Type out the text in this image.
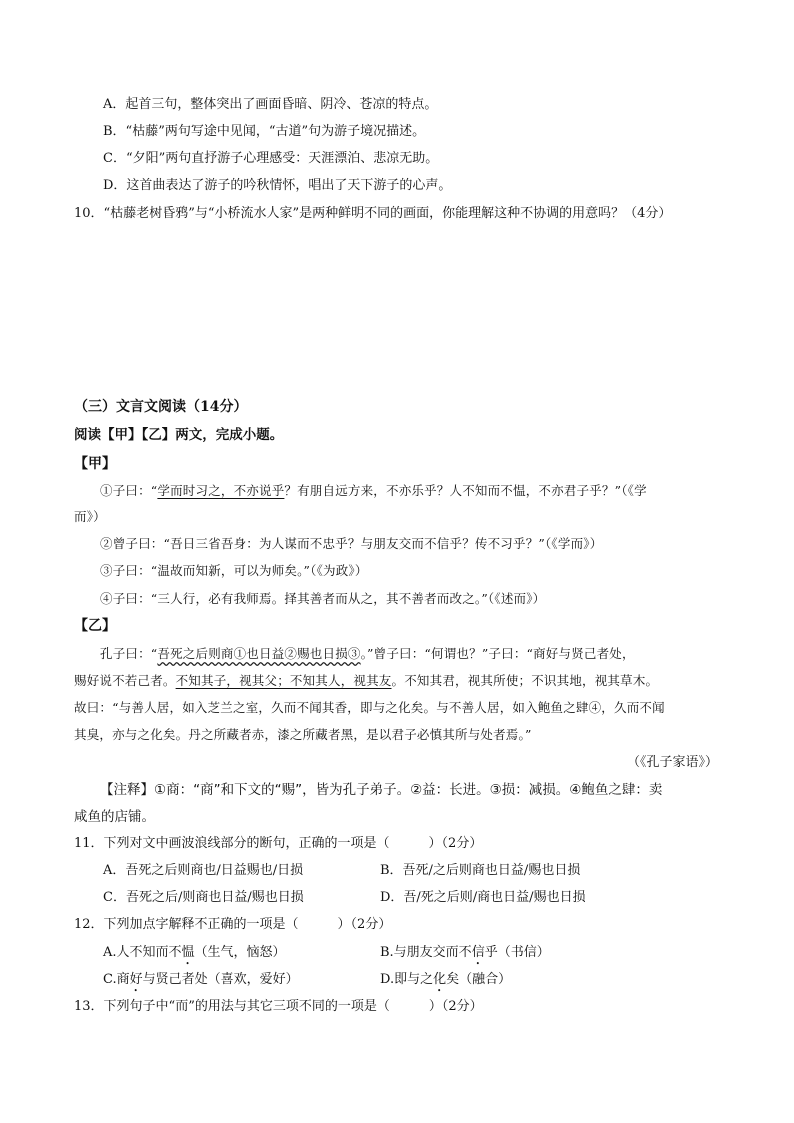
A．起首三句，整体突出了画面昏暗、阴冷、苍凉的特点。
B．“枯藤”两句写途中见闻，“古道”句为游子境况描述。
C．“夕阳”两句直抒游子心理感受：天涯漂泊、悲凉无助。
D．这首曲表达了游子的吟秋情怀，唱出了天下游子的心声。
10．“枯藤老树昏鸦”与“小桥流水人家”是两种鲜明不同的画面，你能理解这种不协调的用意吗？（4分）
（三）文言文阅读（14分）
阅读【甲】【乙】两文，完成小题。
【甲】
①子曰：“学而时习之，不亦说乎？有朋自远方来，不亦乐乎？人不知而不愠，不亦君子乎？”（《学
而》）
②曾子曰：“吾日三省吾身：为人谋而不忠乎？与朋友交而不信乎？传不习乎？”（《学而》）
③子曰：“温故而知新，可以为师矣。”（《为政》）
④子曰：“三人行，必有我师焉。择其善者而从之，其不善者而改之。”（《述而》）
【乙】
孔子曰：“吾死之后则商①也日益②赐也日损③。”曾子曰：“何谓也？”子曰：“商好与贤己者处，
赐好说不若己者。不知其子，视其父；不知其人，视其友。不知其君，视其所使；不识其地，视其草木。
故曰：“与善人居，如入芝兰之室，久而不闻其香，即与之化矣。与不善人居，如入鲍鱼之肆④，久而不闻
其臭，亦与之化矣。丹之所藏者赤，漆之所藏者黑，是以君子必慎其所与处者焉。”
（《孔子家语》）
【注释】①商：“商”和下文的“赐”，皆为孔子弟子。②益：长进。③损：减损。④鲍鱼之肆：卖
咸鱼的店铺。
11．下列对文中画波浪线部分的断句，正确的一项是（　　　）（2分）
A．吾死之后则商也/日益赐也/日损	B．吾死/之后则商也日益/赐也日损
C．吾死之后/则商也日益/赐也日损	D．吾/死之后则/商也日益/赐也日损
12．下列加点字解释不正确的一项是（　　　）（2分）
A.人不知而不愠（生气，恼怒）	B.与朋友交而不信乎（书信）
C.商好与贤己者处（喜欢，爱好）	D.即与之化矣（融合）
13．下列句子中“而”的用法与其它三项不同的一项是（　　　）（2分）
